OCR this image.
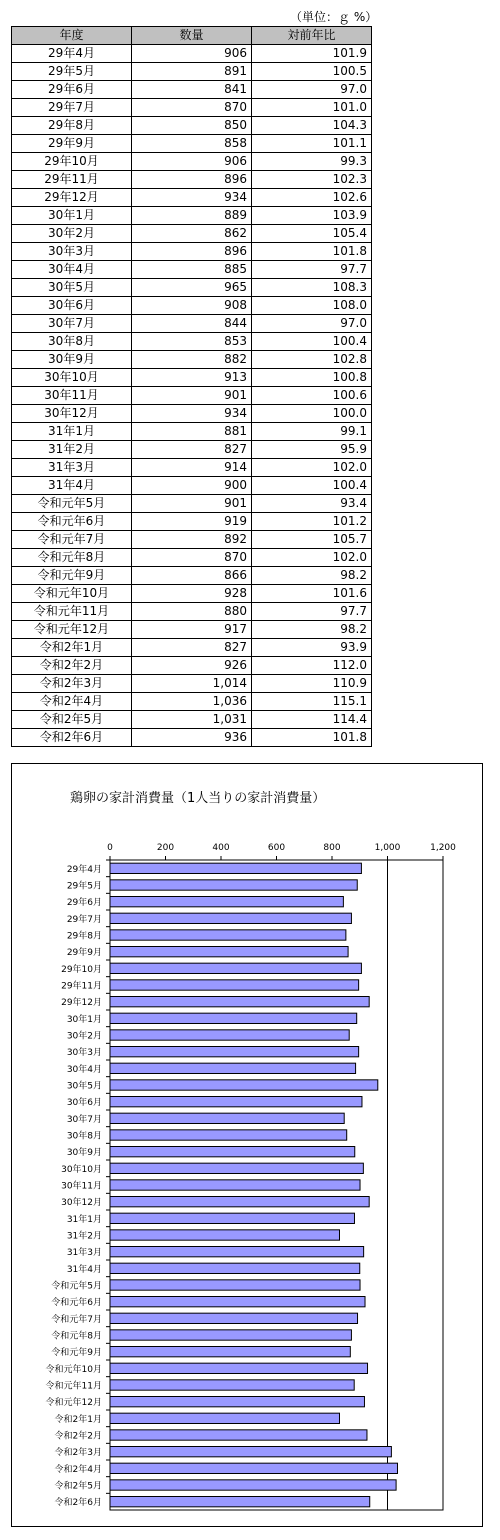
（単位：ｇ %）
年度	数量	対前年比
29年4月	906	101.9
29年5月	891	100.5
29年6月	841	97.0
29年7月	870	101.0
29年8月	850	104.3
29年9月	858	101.1
29年10月	906	99.3
29年11月	896	102.3
29年12月	934	102.6
30年1月	889	103.9
30年2月	862	105.4
30年3月	896	101.8
30年4月	885	97.7
30年5月	965	108.3
30年6月	908	108.0
30年7月	844	97.0
30年8月	853	100.4
30年9月	882	102.8
30年10月	913	100.8
30年11月	901	100.6
30年12月	934	100.0
31年1月	881	99.1
31年2月	827	95.9
31年3月	914	102.0
31年4月	900	100.4
令和元年5月	901	93.4
令和元年6月	919	101.2
令和元年7月	892	105.7
令和元年8月	870	102.0
令和元年9月	866	98.2
令和元年10月	928	101.6
令和元年11月	880	97.7
令和元年12月	917	98.2
令和2年1月	827	93.9
令和2年2月	926	112.0
令和2年3月	1,014	110.9
令和2年4月	1,036	115.1
令和2年5月	1,031	114.4
令和2年6月	936	101.8
鶏卵の家計消費量（1人当りの家計消費量）
0	200	400	600	800	1,000	1,200
29年4月
29年5月
29年6月
29年7月
29年8月
29年9月
29年10月
29年11月
29年12月
30年1月
30年2月
30年3月
30年4月
30年5月
30年6月
30年7月
30年8月
30年9月
30年10月
30年11月
30年12月
31年1月
31年2月
31年3月
31年4月
令和元年5月
令和元年6月
令和元年7月
令和元年8月
令和元年9月
令和元年10月
令和元年11月
令和元年12月
令和2年1月
令和2年2月
令和2年3月
令和2年4月
令和2年5月
令和2年6月
